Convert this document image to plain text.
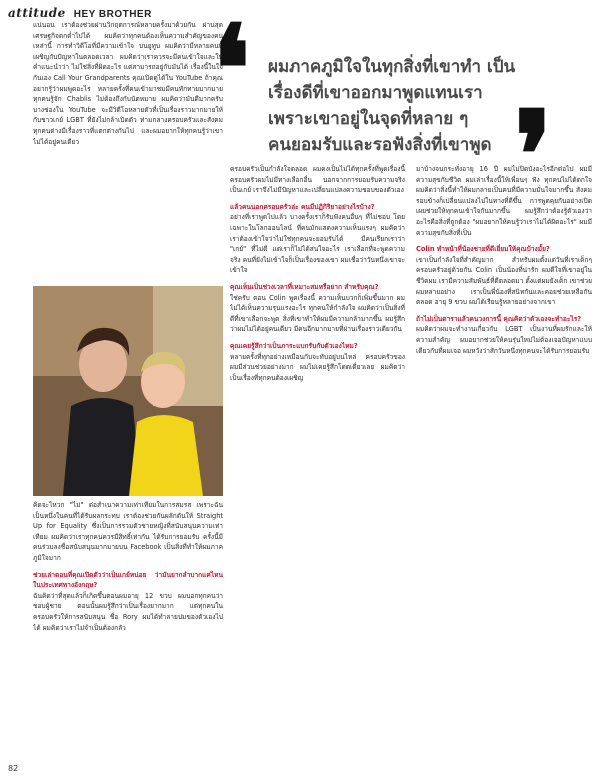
attitude HEY BROTHER

แน่นอน เราต้องช่วยผ่านวิกฤตการณ์หลายครั้งมาด้วยกัน ผ่านสุดเศรษฐกิจตกต่ำไปได้ ผมคิดว่าทุกคนต้องเห็นความสำคัญของคนเหล่านี้ การทำวิดีโอที่มีความเข้าใจ บนยูทูบ ผมคิดว่ามีหลายคนที่เผชิญกับปัญหาในตลอดเวลา ผมคิดว่าเราควรจะมีคนเข้าใจและให้คำแนะนำว่า ไม่ใช่สิ่งที่ผิดอะไร แต่สามารถอยู่กับมันได้ เรื่องนี้ในใจกันเอง Call Your Grandparents คุณเปิดดูได้ใน YouTube ถ้าคุณอยากรู้ว่าผมพูดอะไร หลายครั้งที่คนเข้ามาชมมีคนทักทายมากมาย ทุกคนรู้จัก Chablis ไม่ต้องถึงกับนัดหมาย ผมคิดว่ามันดีมากครับ บางช่องใน YouTube จะมีวิดีโอหลายตัวที่เป็นเรื่องราวมากมายให้กับชาวเกย์ LGBT ที่ยังไม่กล้าเปิดตัว ท่ามกลางครอบครัวและสังคม ทุกคนต่างมีเรื่องราวที่แตกต่างกันไป และผมอยากให้ทุกคนรู้ว่าเขาไม่ได้อยู่คนเดียว

คิดจะไหวก "ไม่" ต่อสำเนาความเท่าเทียมในการสมรส เพราะฉันเป็นหนึ่งในคนที่ได้รับผลกระทบ เราต้องช่วยกันผลักดันให้ Straight Up for Equality ซึ่งเป็นการรวมตัวชายหญิงที่สนับสนุนความเท่าเทียม ผมคิดว่าเราทุกคนควรมีสิทธิ์เท่ากัน ได้รับการยอมรับ ครั้งนี้มีคนร่วมลงชื่อสนับสนุนมากมายบน Facebook เป็นสิ่งที่ทำให้ผมภาคภูมิใจมาก

ช่วยเล่าตอนที่คุณเปิดตัวว่าเป็นเกย์หน่อย ว่ามันยากลำบากแค่ไหนในประเทศทางอังกฤษ?

ฉันคิดว่าที่สุดแล้วก็เกิดขึ้นตอนผมอายุ 12 ขวบ ผมบอกทุกคนว่าชอบผู้ชาย ตอนนั้นผมรู้สึกว่าเป็นเรื่องยากมาก แต่ทุกคนในครอบครัวให้การสนับสนุน ชื่อ Rory ผมได้ทำลายปมของตัวเองไปได้ ผมคิดว่าเราไม่จำเป็นต้องกลัว

❛
❜
ผมภาคภูมิใจในทุกสิ่งที่เขาทำ เป็น
เรื่องดีที่เขาออกมาพูดแทนเรา
เพราะเขาอยู่ในจุดที่หลาย ๆ
คนยอมรับและรอฟังสิ่งที่เขาพูด

ครอบครัวเป็นกำลังใจตลอด ผมคงเป็นไม่ได้ทุกครั้งที่พูดเรื่องนี้ ครอบครัวผมไม่มีทางเลือกอื่น นอกจากการยอมรับความจริงเป็นเกย์ เราจึงไม่มีปัญหาและเปลี่ยนแปลงความชอบของตัวเอง

แล้วคนนอกครอบครัวล่ะ คนมีปฏิกิริยาอย่างไรบ้าง?

อย่างที่เราพูดไปแล้ว บางครั้งเราก็รับฟังคนอื่นๆ ที่ไม่ชอบ โดยเฉพาะในโลกออนไลน์ ที่คนมักแสดงความเห็นแรงๆ ผมคิดว่าเราต้องเข้าใจว่าไม่ใช่ทุกคนจะยอมรับได้ มีคนเรียกเราว่า "เกย์" ที่ไม่ดี แต่เราก็ไม่ได้สนใจอะไร เราเลือกที่จะพูดความจริง คนที่ยังไม่เข้าใจก็เป็นเรื่องของเขา ผมเชื่อว่าวันหนึ่งเขาจะเข้าใจ

คุณเห็นเป็นช่วงเวลาที่เหมาะสมหรือยาก สำหรับคุณ?

ใช่ครับ ตอน Colin พูดเรื่องนี้ ความเห็นบวกก็เพิ่มขึ้นมาก ผมไม่ได้เห็นความรุนแรงอะไร ทุกคนให้กำลังใจ ผมคิดว่าเป็นสิ่งที่ดีที่เขาเลือกจะพูด สิ่งที่เขาทำให้ผมมีความกล้ามากขึ้น ผมรู้สึกว่าผมไม่ได้อยู่คนเดียว มีคนอีกมากมายที่ผ่านเรื่องราวเดียวกัน

คุณเคยรู้สึกว่าเป็นภาระแบกรับกับตัวเองไหม?

หลายครั้งที่ทุกอย่างเหมือนกับจะทับอยู่บนไหล่ ครอบครัวของผมมีส่วนช่วยอย่างมาก ผมไม่เคยรู้สึกโดดเดี่ยวเลย ผมคิดว่าเป็นเรื่องที่ทุกคนต้องเผชิญ

มาบ้างจนกระทั่งอายุ 16 ปี ผมไม่ปิดบังอะไรอีกต่อไป ผมมีความสุขกับชีวิต ผมเล่าเรื่องนี้ให้เพื่อนๆ ฟัง ทุกคนไม่ได้ตกใจ ผมคิดว่าสิ่งนี้ทำให้ผมกลายเป็นคนที่มีความมั่นใจมากขึ้น สังคมรอบข้างก็เปลี่ยนแปลงไปในทางที่ดีขึ้น การพูดคุยกันอย่างเปิดเผยช่วยให้ทุกคนเข้าใจกันมากขึ้น ผมรู้สึกว่าต้องรู้ตัวเองว่าอะไรคือสิ่งที่ถูกต้อง "ผมอยากให้คนรู้ว่าเราไม่ได้ผิดอะไร" ผมมีความสุขกับสิ่งที่เป็น

Colin ทำหน้าที่น้องชายที่ดีเยี่ยมให้คุณบ้างมั้ย?

เขาเป็นกำลังใจที่สำคัญมาก สำหรับผมตั้งแต่วันที่เราเด็กๆ ครอบครัวอยู่ด้วยกัน Colin เป็นน้องที่น่ารัก ผมดีใจที่เขาอยู่ในชีวิตผม เรามีความสัมพันธ์ที่ดีตลอดมา ตั้งแต่ผมยังเด็ก เขาช่วยผมหลายอย่าง เราเป็นพี่น้องที่สนิทกันและคอยช่วยเหลือกันตลอด อายุ 9 ขวบ ผมได้เรียนรู้หลายอย่างจากเขา

ถ้าไม่เป็นดาราแล้วคนวงการนี้ คุณคิดว่าตัวเองจะทำอะไร?

ผมคิดว่าผมจะทำงานเกี่ยวกับ LGBT เป็นงานที่ผมรักและให้ความสำคัญ ผมอยากช่วยให้คนรุ่นใหม่ไม่ต้องเจอปัญหาแบบเดียวกับที่ผมเจอ ผมหวังว่าสักวันหนึ่งทุกคนจะได้รับการยอมรับ

82
